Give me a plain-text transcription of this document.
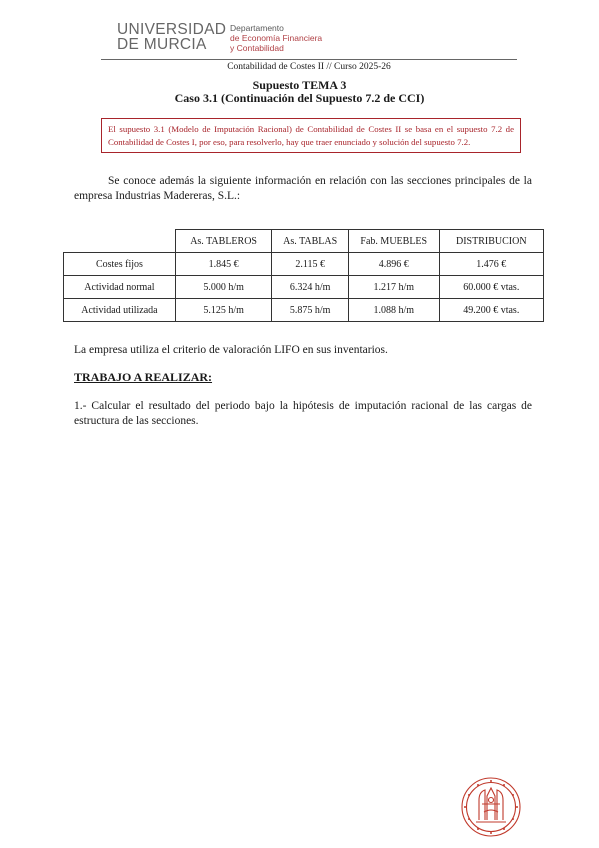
UNIVERSIDAD
DE MURCIA
Departamento
de Economía Financiera
y Contabilidad
Contabilidad de Costes II // Curso 2025-26
Supuesto TEMA 3
Caso 3.1 (Continuación del Supuesto 7.2 de CCI)
El supuesto 3.1 (Modelo de Imputación Racional) de Contabilidad de Costes II se basa en el supuesto 7.2 de Contabilidad de Costes I, por eso, para resolverlo, hay que traer enunciado y solución del supuesto 7.2.
Se conoce además la siguiente información en relación con las secciones principales de la empresa Industrias Madereras, S.L.:
	As. TABLEROS	As. TABLAS	Fab. MUEBLES	DISTRIBUCION
Costes fijos	1.845 €	2.115 €	4.896 €	1.476 €
Actividad normal	5.000 h/m	6.324 h/m	1.217 h/m	60.000 € vtas.
Actividad utilizada	5.125 h/m	5.875 h/m	1.088 h/m	49.200 € vtas.
La empresa utiliza el criterio de valoración LIFO en sus inventarios.
TRABAJO A REALIZAR:
1.- Calcular el resultado del periodo bajo la hipótesis de imputación racional de las cargas de estructura de las secciones.
